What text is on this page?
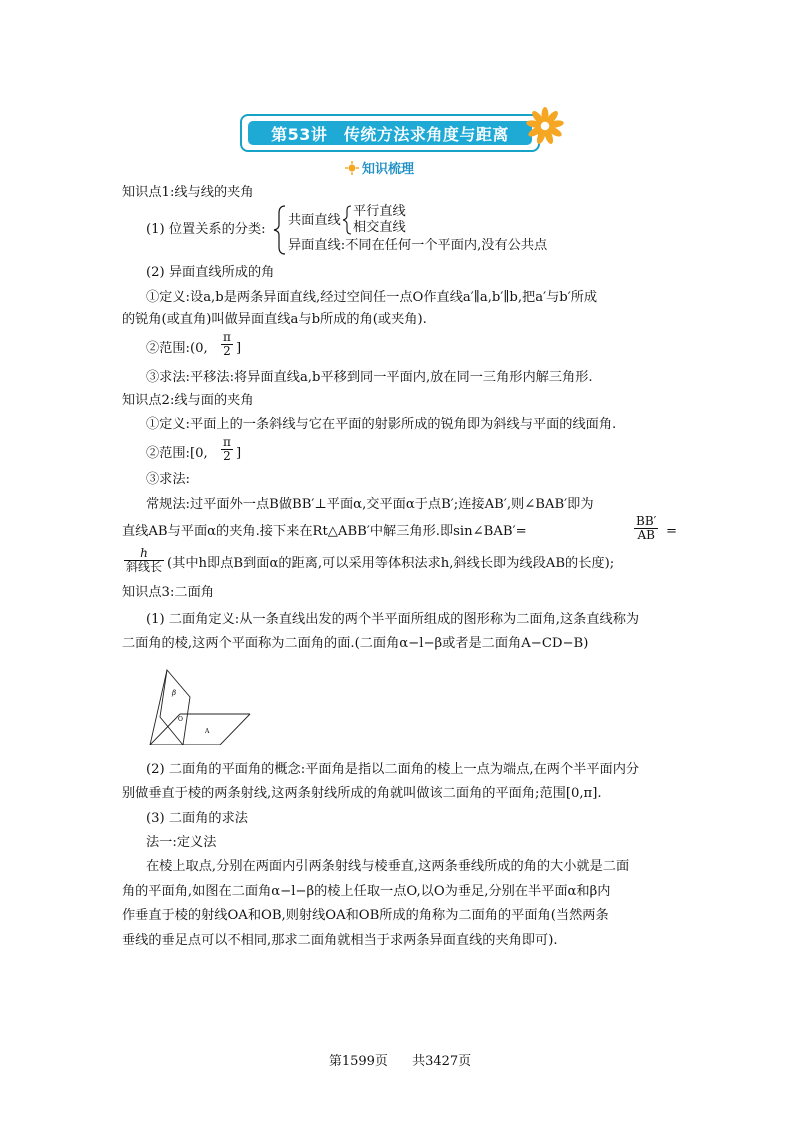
第53讲　传统方法求角度与距离
知识梳理
知识点1:线与线的夹角
(1) 位置关系的分类:
共面直线
平行直线
相交直线
异面直线:不同在任何一个平面内,没有公共点
(2) 异面直线所成的角
①定义:设a,b是两条异面直线,经过空间任一点O作直线a′∥a,b′∥b,把a′与b′所成
的锐角(或直角)叫做异面直线a与b所成的角(或夹角).
②范围:(0,
π
2 ]
③求法:平移法:将异面直线a,b平移到同一平面内,放在同一三角形内解三角形.
知识点2:线与面的夹角
①定义:平面上的一条斜线与它在平面的射影所成的锐角即为斜线与平面的线面角.
②范围:[0,
π
2 ]
③求法:
常规法:过平面外一点B做BB′⊥平面α,交平面α于点B′;连接AB′,则∠BAB′即为
直线AB与平面α的夹角.接下来在Rt△ABB′中解三角形.即sin∠BAB′=
BB′
AB =
h
斜线长 (其中h即点B到面α的距离,可以采用等体积法求h,斜线长即为线段AB的长度);
知识点3:二面角
(1) 二面角定义:从一条直线出发的两个半平面所组成的图形称为二面角,这条直线称为
二面角的棱,这两个平面称为二面角的面.(二面角α−l−β或者是二面角A−CD−B)
β
O
A
(2) 二面角的平面角的概念:平面角是指以二面角的棱上一点为端点,在两个半平面内分
别做垂直于棱的两条射线,这两条射线所成的角就叫做该二面角的平面角;范围[0,π].
(3) 二面角的求法
法一:定义法
在棱上取点,分别在两面内引两条射线与棱垂直,这两条垂线所成的角的大小就是二面
角的平面角,如图在二面角α−l−β的棱上任取一点O,以O为垂足,分别在半平面α和β内
作垂直于棱的射线OA和OB,则射线OA和OB所成的角称为二面角的平面角(当然两条
垂线的垂足点可以不相同,那求二面角就相当于求两条异面直线的夹角即可).
第1599页 共3427页
